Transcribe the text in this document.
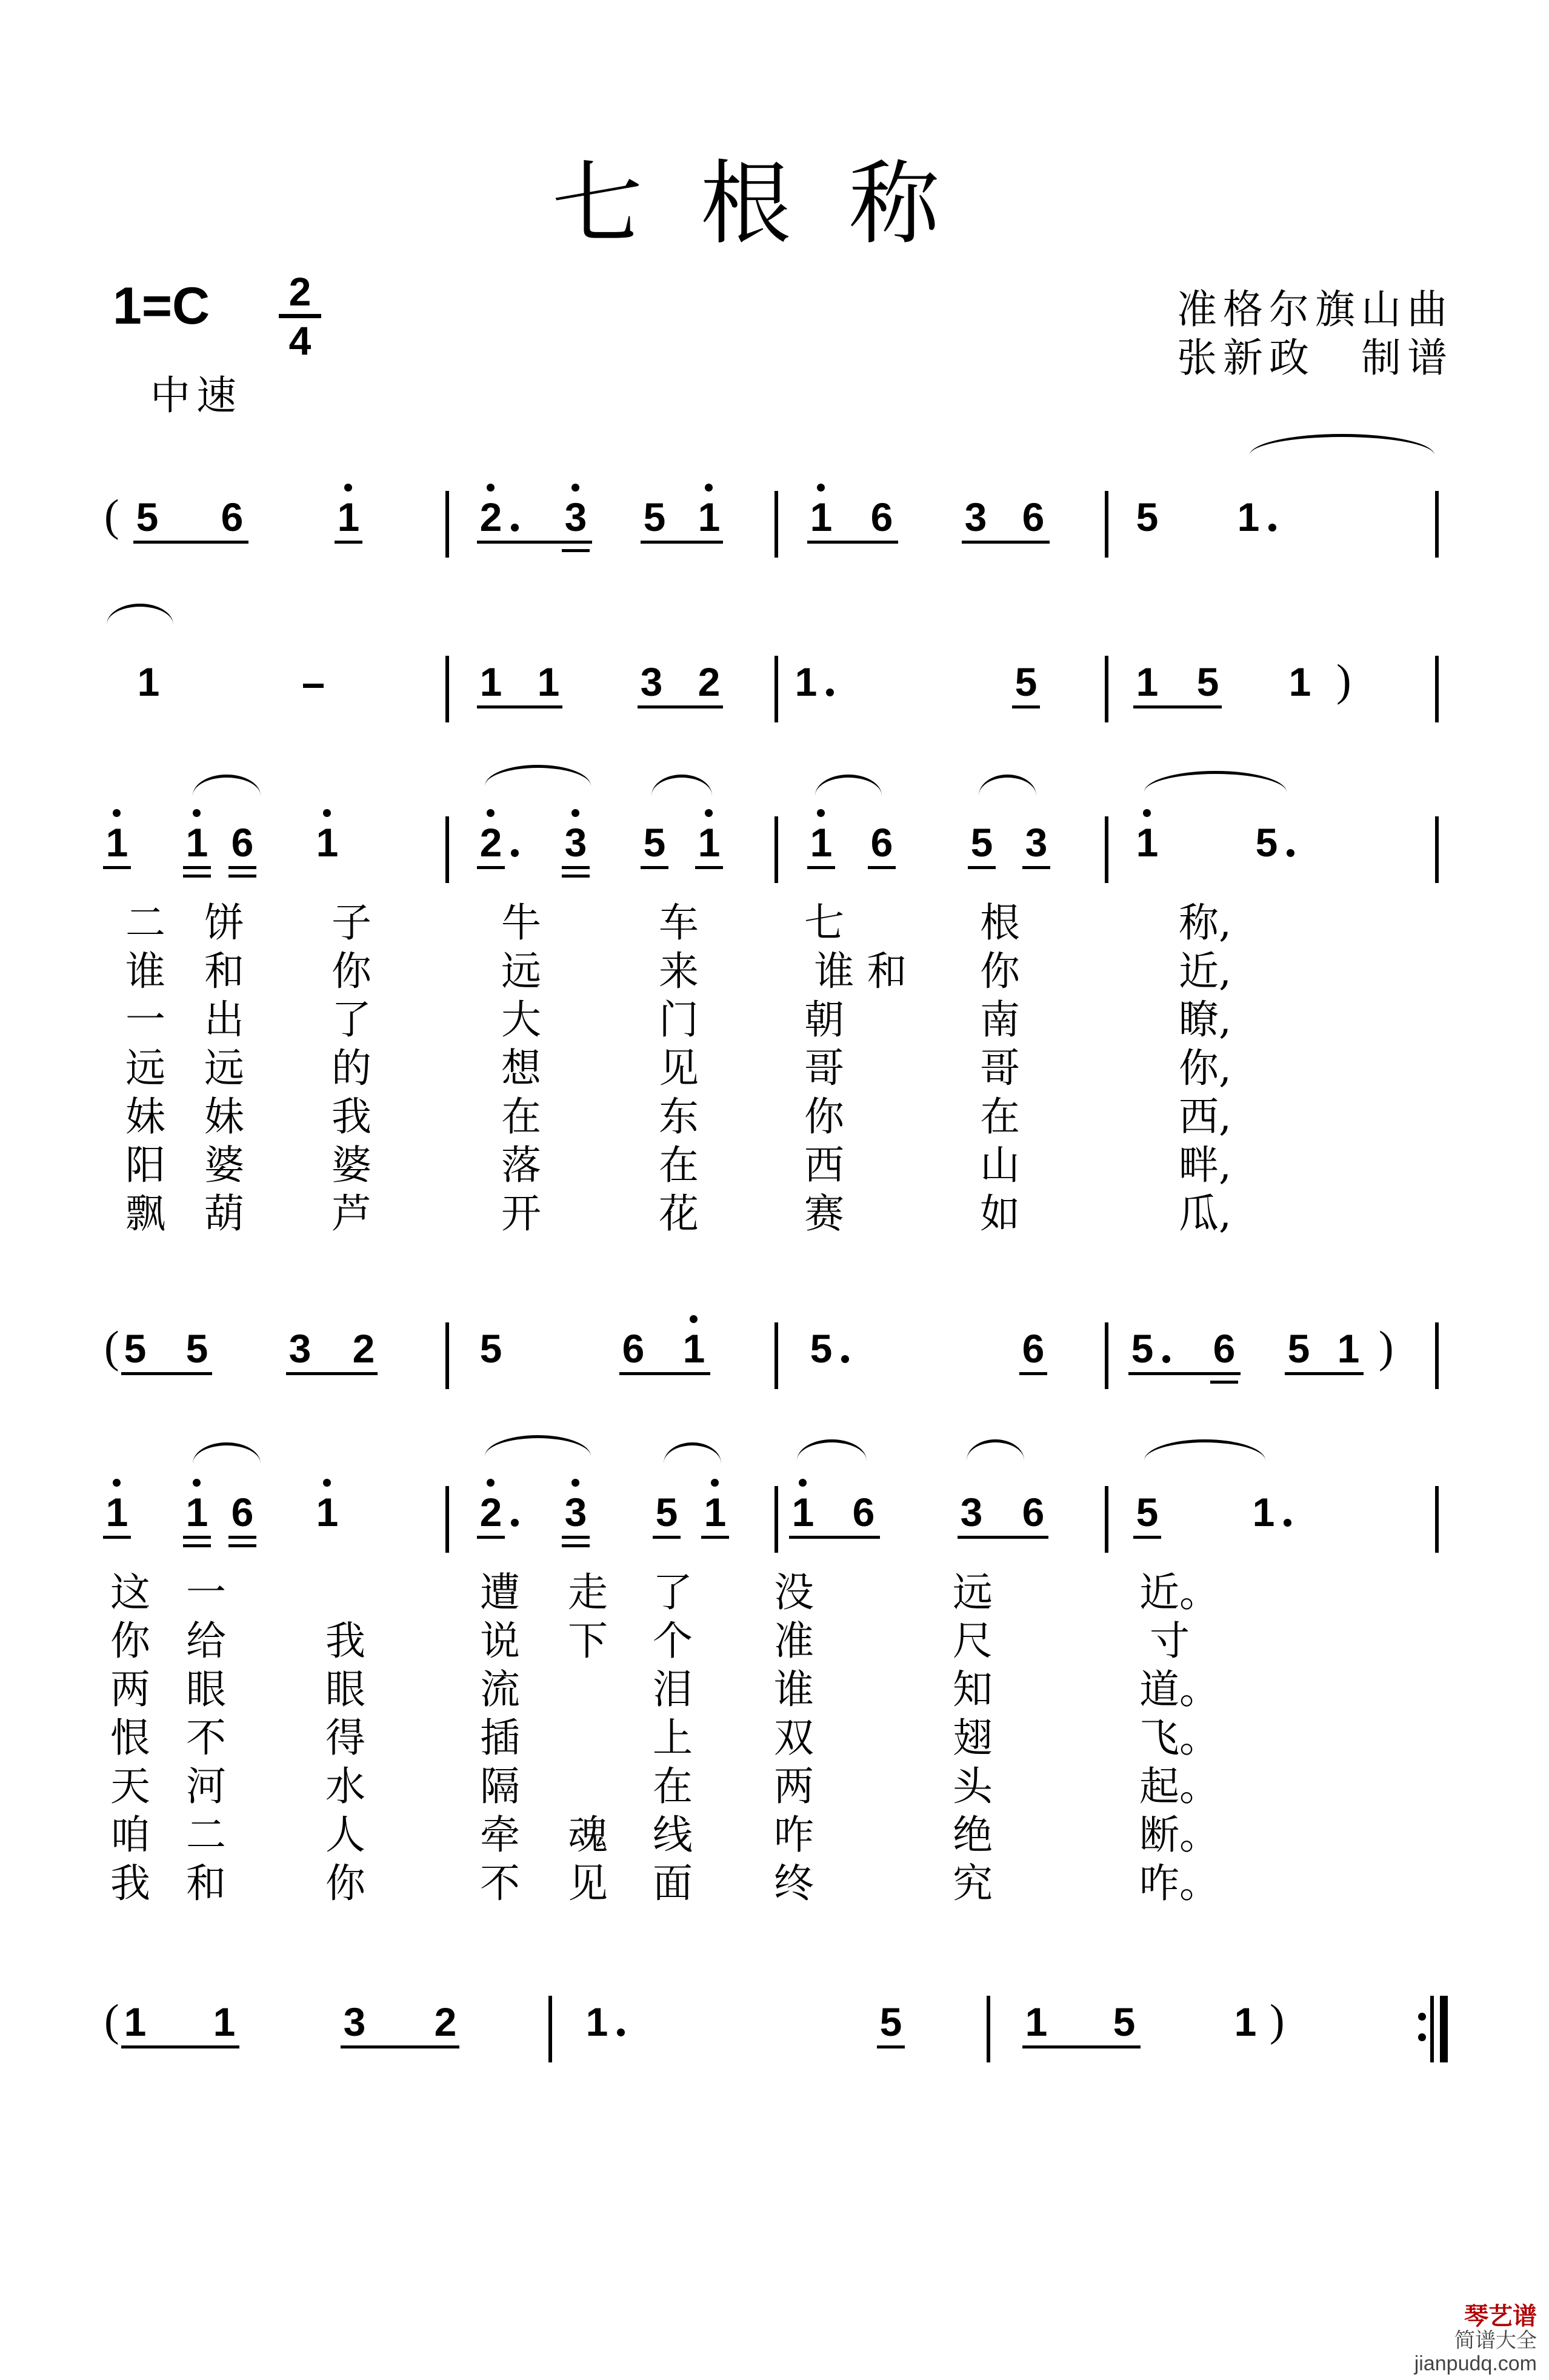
七根称
1=C 2
4
中速
准格尔旗山曲
张新政　制谱
( 5 6 1	2 3 5 1 1 6 3 6 5 1
1	1 1 3 2 1	5 1 5 1 )
1 1 6 1	2 3 5 1 1 6 5 3 1 5
二 饼 子	牛	车	七	根	称,
谁 和 你	远	来	谁 和	你	近,
一 出 了	大	门	朝	南	瞭,
远 远 的	想	见	哥	哥	你,
妹 妹 我	在	东	你	在	西,
阳 婆 婆	落	在	西	山	畔,
飘 葫 芦	开	花	赛	如	瓜,
( 5 5 3 2	5	6 1	5	6 5 6 5 1 )
1 1 6 1	2 3 5 1 1 6 3 6 5 1
这 一	遭 走 了 没	远	近。
你 给 我	说 下 个 准	尺	寸
两 眼 眼	流	泪 谁	知	道。
恨 不 得	插	上 双	翅	飞。
天 河 水	隔	在 两	头	起。
咱 二 人	牵 魂 线 咋	绝	断。
我 和 你	不 见 面 终	究	咋。
( 1 1	3 2	1	5	1 5 1 )
琴艺谱
简谱大全
jianpudq.com
